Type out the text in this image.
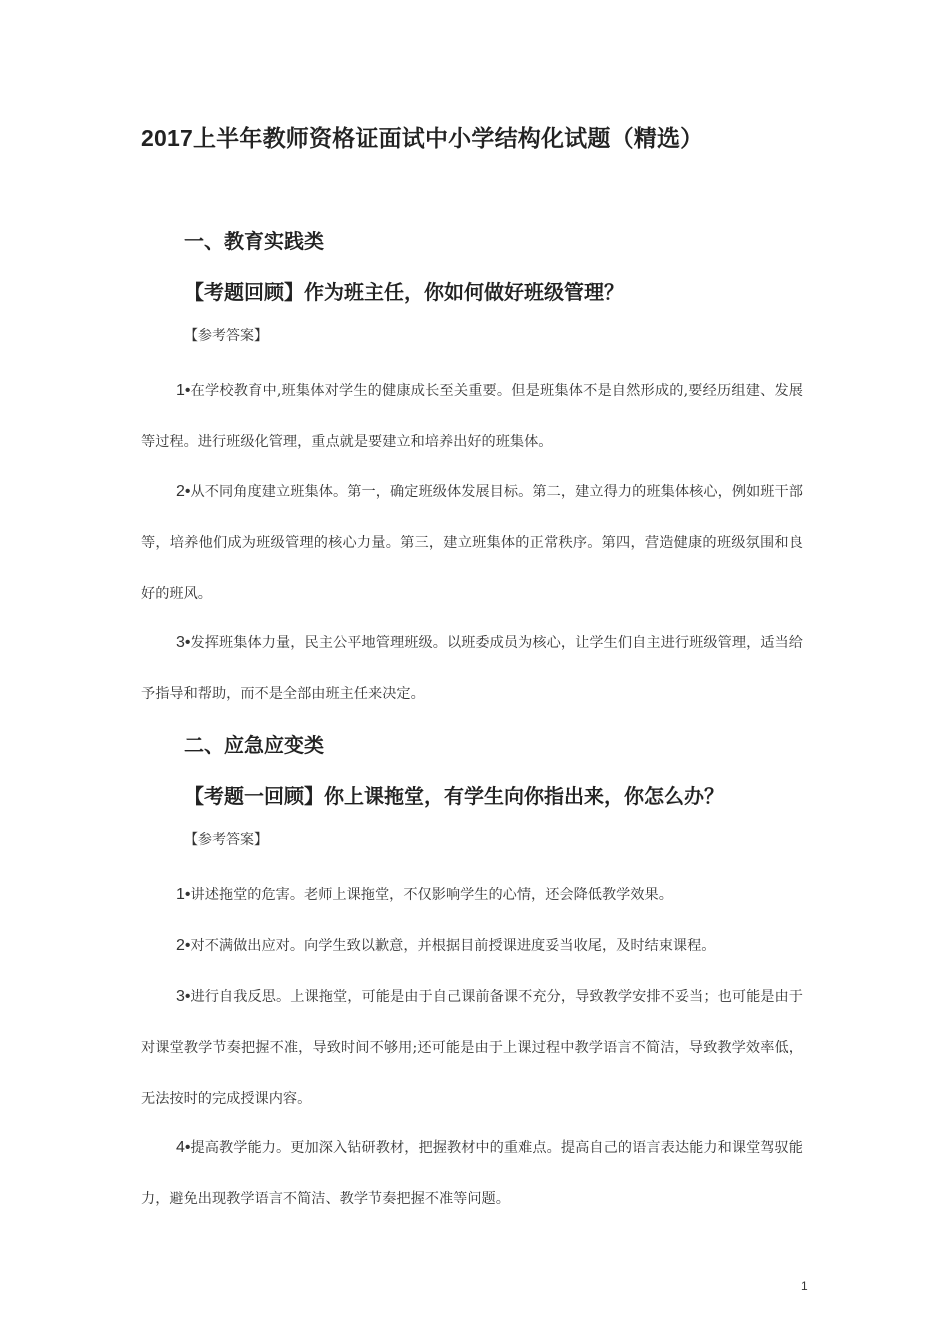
2017上半年教师资格证面试中小学结构化试题（精选）
一、教育实践类
【考题回顾】作为班主任，你如何做好班级管理？
【参考答案】
1•在学校教育中,班集体对学生的健康成长至关重要。但是班集体不是自然形成的,要经历组建、发展等过程。进行班级化管理，重点就是要建立和培养出好的班集体。
2•从不同角度建立班集体。第一，确定班级体发展目标。第二，建立得力的班集体核心，例如班干部等，培养他们成为班级管理的核心力量。第三，建立班集体的正常秩序。第四，营造健康的班级氛围和良好的班风。
3•发挥班集体力量，民主公平地管理班级。以班委成员为核心，让学生们自主进行班级管理，适当给予指导和帮助，而不是全部由班主任来决定。
二、应急应变类
【考题一回顾】你上课拖堂，有学生向你指出来，你怎么办？
【参考答案】
1•讲述拖堂的危害。老师上课拖堂，不仅影响学生的心情，还会降低教学效果。
2•对不满做出应对。向学生致以歉意，并根据目前授课进度妥当收尾，及时结束课程。
3•进行自我反思。上课拖堂，可能是由于自己课前备课不充分，导致教学安排不妥当；也可能是由于对课堂教学节奏把握不准，导致时间不够用;还可能是由于上课过程中教学语言不简洁，导致教学效率低，无法按时的完成授课内容。
4•提高教学能力。更加深入钻研教材，把握教材中的重难点。提高自己的语言表达能力和课堂驾驭能力，避免出现教学语言不简洁、教学节奏把握不准等问题。
1
